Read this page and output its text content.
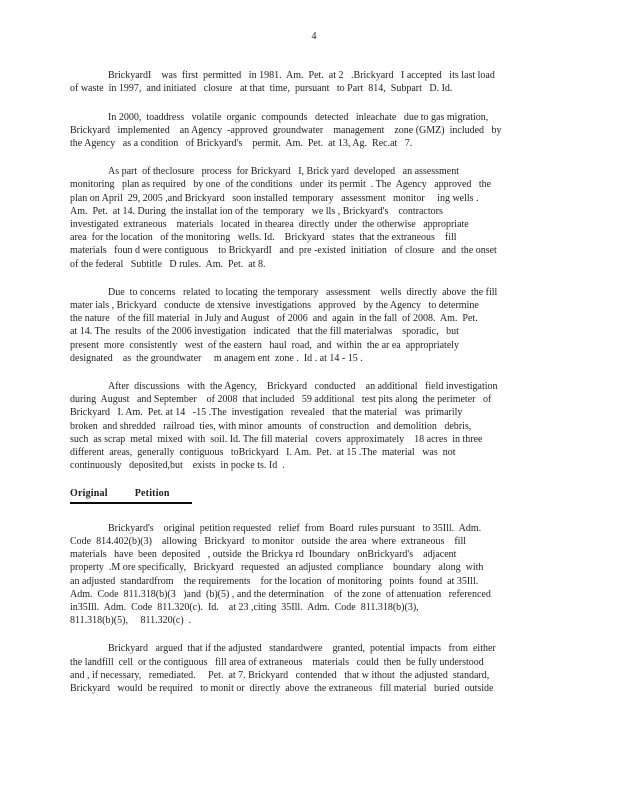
4
BrickyardI    was  first  permitted   in 1981.  Am.  Pet.  at 2   .Brickyard   I accepted   its last load
of waste  in 1997,  and initiated   closure   at that  time,  pursuant   to Part  814,  Subpart   D. Id.
In 2000,  toaddress   volatile  organic  compounds   detected   inleachate   due to gas migration,
Brickyard   implemented    an Agency  -approved  groundwater    management    zone (GMZ)  included   by
the Agency   as a condition   of Brickyard's    permit.  Am.  Pet.  at 13, Ag.  Rec.at   7.
As part  of theclosure   process  for Brickyard   I, Brick yard  developed   an assessment
monitoring   plan as required   by one  of the conditions   under  its permit  . The  Agency   approved   the
plan on April  29, 2005 ,and Brickyard   soon installed  temporary   assessment   monitor     ing wells .
Am.  Pet.  at 14. During  the installat ion of the  temporary   we lls , Brickyard's    contractors
investigated  extraneous    materials   located  in thearea  directly  under  the otherwise   appropriate
area  for the location   of the monitoring   wells. Id.    Brickyard   states  that the extraneous    fill
materials   foun d were contiguous    to BrickyardI   and  pre -existed  initiation   of closure   and  the onset
of the federal   Subtitle   D rules.  Am.  Pet.  at 8.
Due  to concerns   related  to locating  the temporary   assessment    wells  directly  above  the fill
mater ials , Brickyard   conducte  de xtensive  investigations   approved   by the Agency   to determine
the nature   of the fill material  in July and August   of 2006  and  again  in the fall  of 2008.  Am.  Pet.
at 14. The  results  of the 2006 investigation   indicated   that the fill materialwas    sporadic,   but
present  more  consistently   west  of the eastern   haul  road,  and  within  the ar ea  appropriately
designated    as  the groundwater     m anagem ent  zone .  Id . at 14 - 15 .
After  discussions   with  the Agency,    Brickyard   conducted    an additional   field investigation
during  August   and September    of 2008  that included   59 additional   test pits along  the perimeter   of
Brickyard   I. Am.  Pet. at 14   -15 .The  investigation   revealed   that the material   was  primarily
broken  and shredded   railroad  ties, with minor  amounts   of construction   and demolition   debris,
such  as scrap  metal  mixed  with  soil. Id. The fill material   covers  approximately    18 acres  in three
different  areas,  generally  contiguous   toBrickyard   I. Am.  Pet.  at 15 .The  material   was  not
continuously   deposited,but    exists  in pocke ts. Id  .
Original          Petition
Brickyard's    original  petition requested   relief  from  Board  rules pursuant   to 35Ill.  Adm.
Code  814.402(b)(3)    allowing   Brickyard   to monitor   outside  the area  where  extraneous    fill
materials   have  been  deposited   , outside  the Brickya rd  Iboundary   onBrickyard's    adjacent
property  .M ore specifically,   Brickyard   requested   an adjusted  compliance    boundary   along  with
an adjusted  standardfrom    the requirements    for the location  of monitoring   points  found  at 35Ill.
Adm.  Code  811.318(b)(3   )and  (b)(5) , and the determination    of  the zone  of attenuation   referenced
in35Ill.  Adm.  Code  811.320(c).  Id.    at 23 ,citing  35Ill.  Adm.  Code  811.318(b)(3),
811.318(b)(5),     811.320(c)  .
Brickyard   argued  that if the adjusted   standardwere    granted,  potential  impacts   from  either
the landfill  cell  or the contiguous   fill area of extraneous    materials   could  then  be fully understood
and , if necessary,   remediated.     Pet.  at 7. Brickyard   contended   that w ithout  the adjusted  standard,
Brickyard   would  be required   to monit or  directly  above  the extraneous   fill material   buried  outside
